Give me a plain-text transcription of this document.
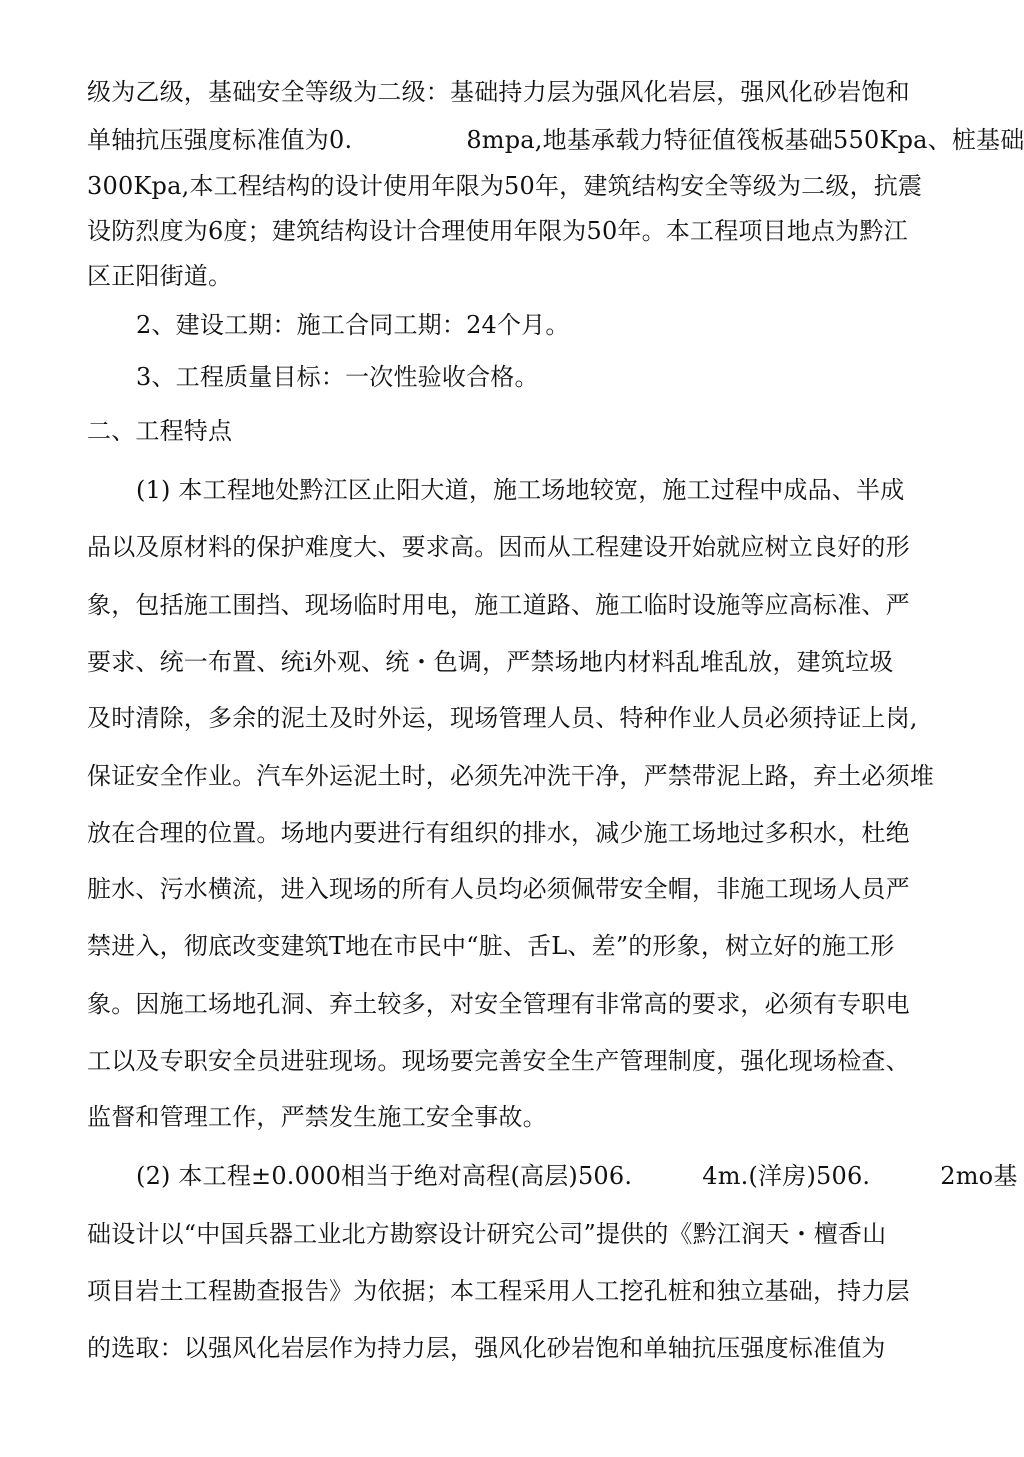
级为乙级，基础安全等级为二级：基础持力层为强风化岩层，强风化砂岩饱和
单轴抗压强度标准值为0.	8mpa,地基承载力特征值筏板基础550Kpa、桩基础
300Kpa,本工程结构的设计使用年限为50年，建筑结构安全等级为二级，抗震
设防烈度为6度；建筑结构设计合理使用年限为50年。本工程项目地点为黔江
区正阳街道。
2、建设工期：施工合同工期：24个月。
3、工程质量目标：一次性验收合格。
二、工程特点
(1) 本工程地处黔江区止阳大道，施工场地较宽，施工过程中成品、半成
品以及原材料的保护难度大、要求高。因而从工程建设开始就应树立良好的形
象，包括施工围挡、现场临时用电，施工道路、施工临时设施等应高标准、严
要求、统一布置、统i外观、统・色调，严禁场地内材料乱堆乱放，建筑垃圾
及时清除，多余的泥土及时外运，现场管理人员、特种作业人员必须持证上岗,
保证安全作业。汽车外运泥土时，必须先冲洗干净，严禁带泥上路，弃土必须堆
放在合理的位置。场地内要进行有组织的排水，减少施工场地过多积水，杜绝
脏水、污水横流，进入现场的所有人员均必须佩带安全帽，非施工现场人员严
禁进入，彻底改变建筑T地在市民中“脏、舌L、差”的形象，树立好的施工形
象。因施工场地孔洞、弃土较多，对安全管理有非常高的要求，必须有专职电
工以及专职安全员进驻现场。现场要完善安全生产管理制度，强化现场检查、
监督和管理工作，严禁发生施工安全事故。
(2) 本工程±0.000相当于绝对高程(高层)506.	4m.(洋房)506.	2mo基
础设计以“中国兵器工业北方勘察设计研究公司”提供的《黔江润天・檀香山
项目岩土工程勘查报告》为依据；本工程采用人工挖孔桩和独立基础，持力层
的选取：以强风化岩层作为持力层，强风化砂岩饱和单轴抗压强度标准值为
